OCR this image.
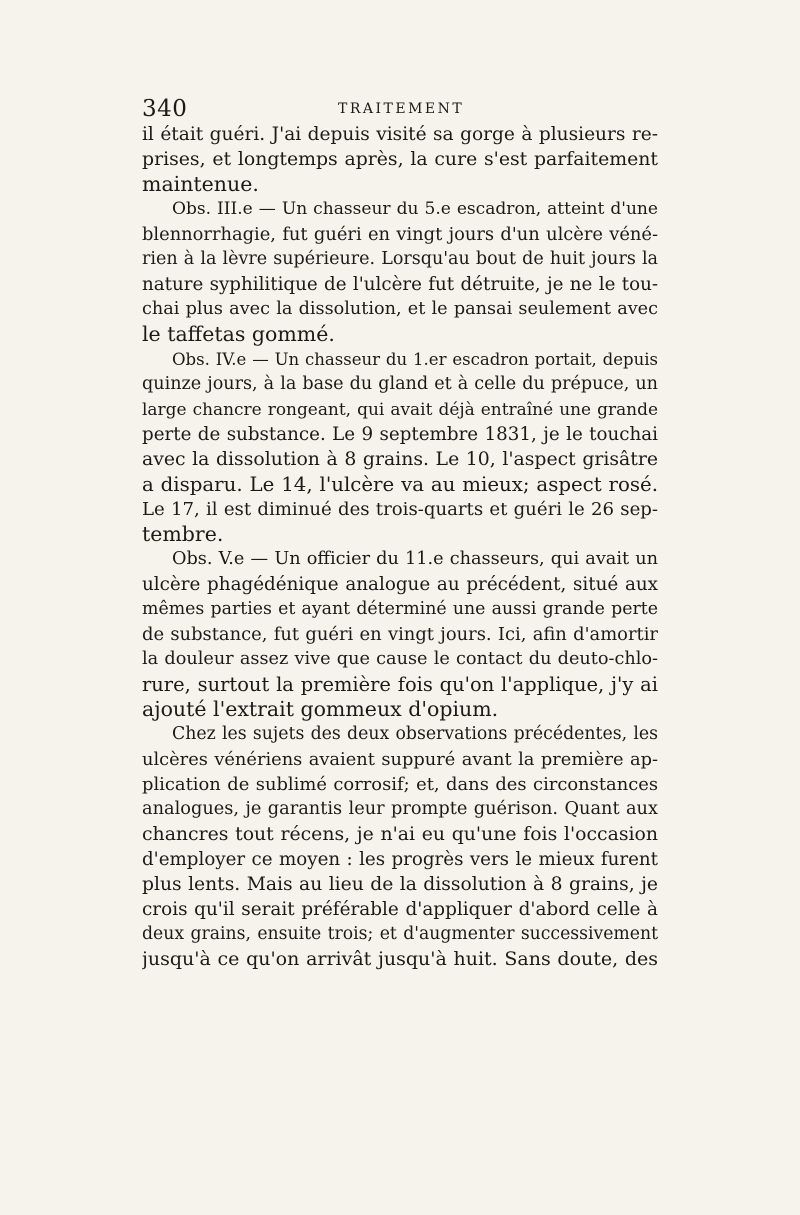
340	TRAITEMENT
il était guéri. J'ai depuis visité sa gorge à plusieurs re-
prises, et longtemps après, la cure s'est parfaitement
maintenue.
Obs. III.e — Un chasseur du 5.e escadron, atteint d'une
blennorrhagie, fut guéri en vingt jours d'un ulcère véné-
rien à la lèvre supérieure. Lorsqu'au bout de huit jours la
nature syphilitique de l'ulcère fut détruite, je ne le tou-
chai plus avec la dissolution, et le pansai seulement avec
le taffetas gommé.
Obs. IV.e — Un chasseur du 1.er escadron portait, depuis
quinze jours, à la base du gland et à celle du prépuce, un
large chancre rongeant, qui avait déjà entraîné une grande
perte de substance. Le 9 septembre 1831, je le touchai
avec la dissolution à 8 grains. Le 10, l'aspect grisâtre
a disparu. Le 14, l'ulcère va au mieux; aspect rosé.
Le 17, il est diminué des trois-quarts et guéri le 26 sep-
tembre.
Obs. V.e — Un officier du 11.e chasseurs, qui avait un
ulcère phagédénique analogue au précédent, situé aux
mêmes parties et ayant déterminé une aussi grande perte
de substance, fut guéri en vingt jours. Ici, afin d'amortir
la douleur assez vive que cause le contact du deuto-chlo-
rure, surtout la première fois qu'on l'applique, j'y ai
ajouté l'extrait gommeux d'opium.
Chez les sujets des deux observations précédentes, les
ulcères vénériens avaient suppuré avant la première ap-
plication de sublimé corrosif; et, dans des circonstances
analogues, je garantis leur prompte guérison. Quant aux
chancres tout récens, je n'ai eu qu'une fois l'occasion
d'employer ce moyen : les progrès vers le mieux furent
plus lents. Mais au lieu de la dissolution à 8 grains, je
crois qu'il serait préférable d'appliquer d'abord celle à
deux grains, ensuite trois; et d'augmenter successivement
jusqu'à ce qu'on arrivât jusqu'à huit. Sans doute, des
